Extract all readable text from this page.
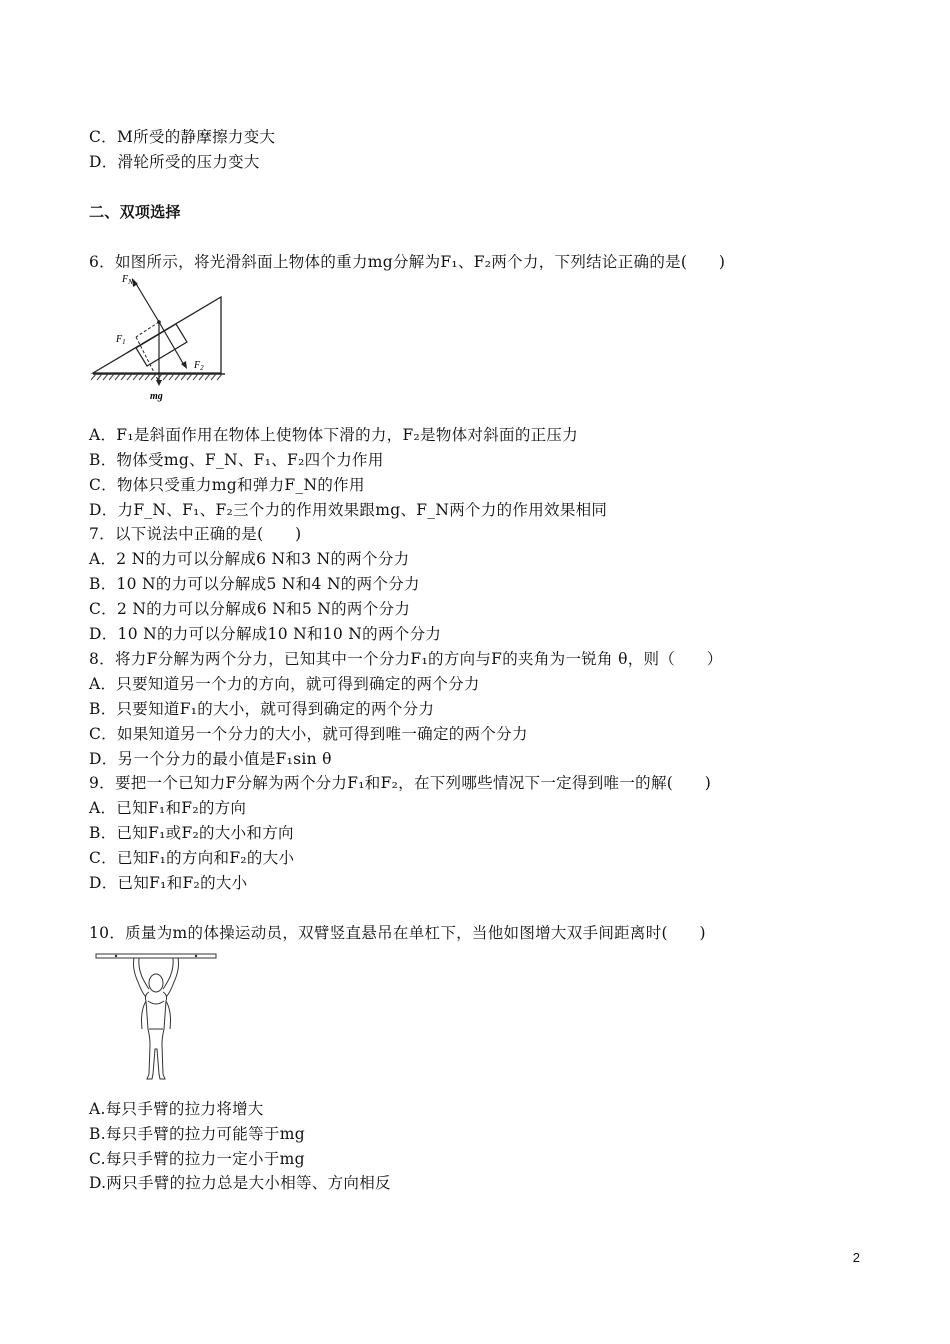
C．M所受的静摩擦力变大
D．滑轮所受的压力变大
二、双项选择
6．如图所示，将光滑斜面上物体的重力mg分解为F₁、F₂两个力，下列结论正确的是(　　)
$F_N$
$F_1$
$F_2$
mg
A．F₁是斜面作用在物体上使物体下滑的力，F₂是物体对斜面的正压力
B．物体受mg、F_N、F₁、F₂四个力作用
C．物体只受重力mg和弹力F_N的作用
D．力F_N、F₁、F₂三个力的作用效果跟mg、F_N两个力的作用效果相同
7．以下说法中正确的是(　　)
A．2 N的力可以分解成6 N和3 N的两个分力
B．10 N的力可以分解成5 N和4 N的两个分力
C．2 N的力可以分解成6 N和5 N的两个分力
D．10 N的力可以分解成10 N和10 N的两个分力
8．将力F分解为两个分力，已知其中一个分力F₁的方向与F的夹角为一锐角 θ，则（　　）
A．只要知道另一个力的方向，就可得到确定的两个分力
B．只要知道F₁的大小，就可得到确定的两个分力
C．如果知道另一个分力的大小，就可得到唯一确定的两个分力
D．另一个分力的最小值是F₁sin θ
9．要把一个已知力F分解为两个分力F₁和F₂，在下列哪些情况下一定得到唯一的解(　　)
A．已知F₁和F₂的方向
B．已知F₁或F₂的大小和方向
C．已知F₁的方向和F₂的大小
D．已知F₁和F₂的大小
10．质量为m的体操运动员，双臂竖直悬吊在单杠下，当他如图增大双手间距离时(　　)
A.每只手臂的拉力将增大
B.每只手臂的拉力可能等于mg
C.每只手臂的拉力一定小于mg
D.两只手臂的拉力总是大小相等、方向相反
2
